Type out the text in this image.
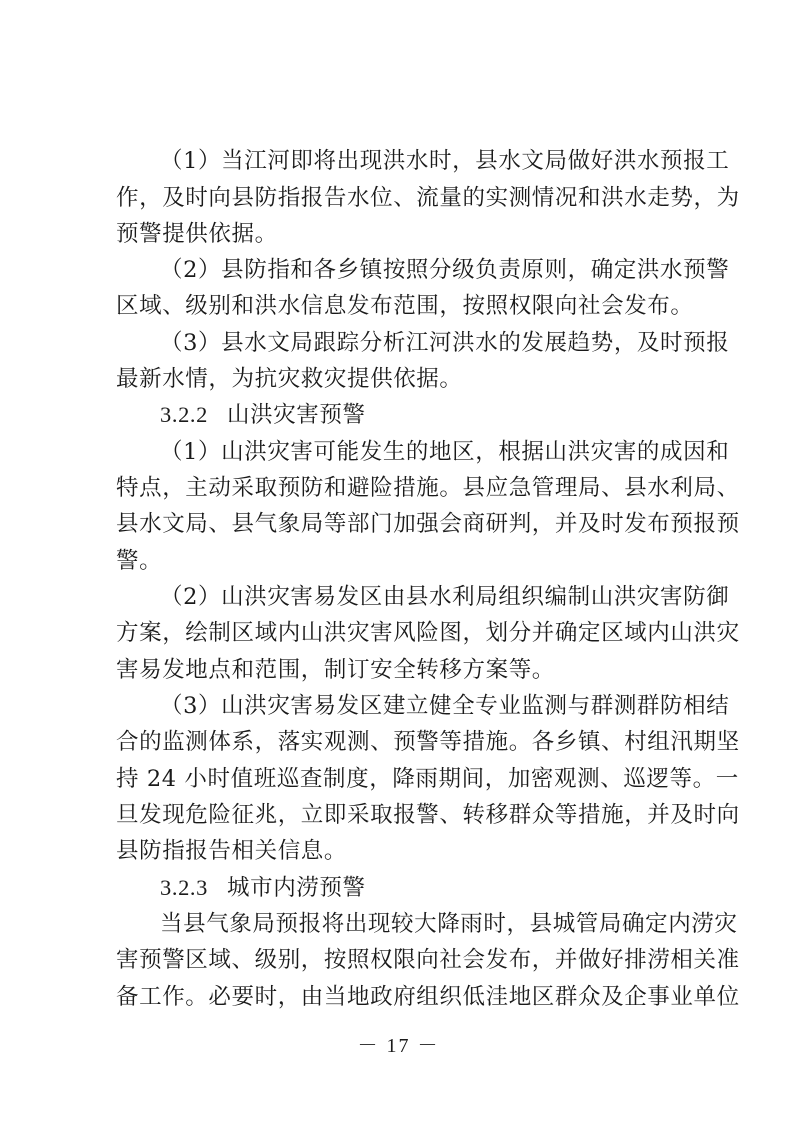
（1）当江河即将出现洪水时，县水文局做好洪水预报工
作，及时向县防指报告水位、流量的实测情况和洪水走势，为
预警提供依据。
（2）县防指和各乡镇按照分级负责原则，确定洪水预警
区域、级别和洪水信息发布范围，按照权限向社会发布。
（3）县水文局跟踪分析江河洪水的发展趋势，及时预报
最新水情，为抗灾救灾提供依据。
3.2.2 山洪灾害预警
（1）山洪灾害可能发生的地区，根据山洪灾害的成因和
特点，主动采取预防和避险措施。县应急管理局、县水利局、
县水文局、县气象局等部门加强会商研判，并及时发布预报预
警。
（2）山洪灾害易发区由县水利局组织编制山洪灾害防御
方案，绘制区域内山洪灾害风险图，划分并确定区域内山洪灾
害易发地点和范围，制订安全转移方案等。
（3）山洪灾害易发区建立健全专业监测与群测群防相结
合的监测体系，落实观测、预警等措施。各乡镇、村组汛期坚
持 24 小时值班巡查制度，降雨期间，加密观测、巡逻等。一
旦发现危险征兆，立即采取报警、转移群众等措施，并及时向
县防指报告相关信息。
3.2.3 城市内涝预警
当县气象局预报将出现较大降雨时，县城管局确定内涝灾
害预警区域、级别，按照权限向社会发布，并做好排涝相关准
备工作。必要时，由当地政府组织低洼地区群众及企事业单位
－ 17 －
